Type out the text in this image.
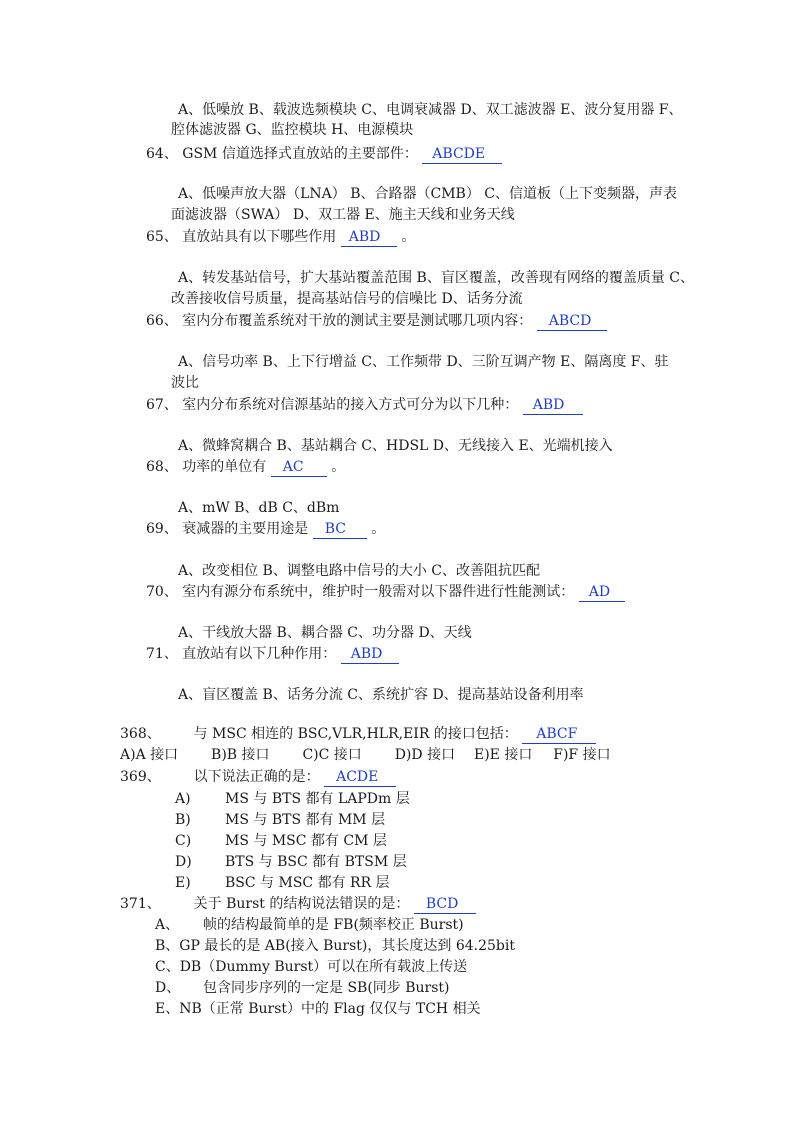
A、低噪放 B、载波选频模块 C、电调衰减器 D、双工滤波器 E、波分复用器 F、
腔体滤波器 G、监控模块 H、电源模块
64、 GSM 信道选择式直放站的主要部件： ABCDE
A、低噪声放大器（LNA） B、合路器（CMB） C、信道板（上下变频器，声表
面滤波器（SWA） D、双工器 E、施主天线和业务天线
65、 直放站具有以下哪些作用 ABD 。
A、转发基站信号，扩大基站覆盖范围 B、盲区覆盖，改善现有网络的覆盖质量 C、
改善接收信号质量，提高基站信号的信噪比 D、话务分流
66、 室内分布覆盖系统对干放的测试主要是测试哪几项内容： ABCD
A、信号功率 B、上下行增益 C、工作频带 D、三阶互调产物 E、隔离度 F、驻
波比
67、 室内分布系统对信源基站的接入方式可分为以下几种： ABD
A、微蜂窝耦合 B、基站耦合 C、HDSL D、无线接入 E、光端机接入
68、 功率的单位有 AC 。
A、mW B、dB C、dBm
69、 衰减器的主要用途是 BC 。
A、改变相位 B、调整电路中信号的大小 C、改善阻抗匹配
70、 室内有源分布系统中，维护时一般需对以下器件进行性能测试： AD
A、干线放大器 B、耦合器 C、功分器 D、天线
71、 直放站有以下几种作用： ABD
A、盲区覆盖 B、话务分流 C、系统扩容 D、提高基站设备利用率
368、 与 MSC 相连的 BSC,VLR,HLR,EIR 的接口包括： ABCF
A)A 接口 B)B 接口 C)C 接口 D)D 接口 E)E 接口 F)F 接口
369、 以下说法正确的是： ACDE
A) MS 与 BTS 都有 LAPDm 层
B) MS 与 BTS 都有 MM 层
C) MS 与 MSC 都有 CM 层
D) BTS 与 BSC 都有 BTSM 层
E) BSC 与 MSC 都有 RR 层
371、 关于 Burst 的结构说法错误的是： BCD
A、 帧的结构最简单的是 FB(频率校正 Burst)
B、GP 最长的是 AB(接入 Burst)，其长度达到 64.25bit
C、DB（Dummy Burst）可以在所有载波上传送
D、 包含同步序列的一定是 SB(同步 Burst)
E、NB（正常 Burst）中的 Flag 仅仅与 TCH 相关
